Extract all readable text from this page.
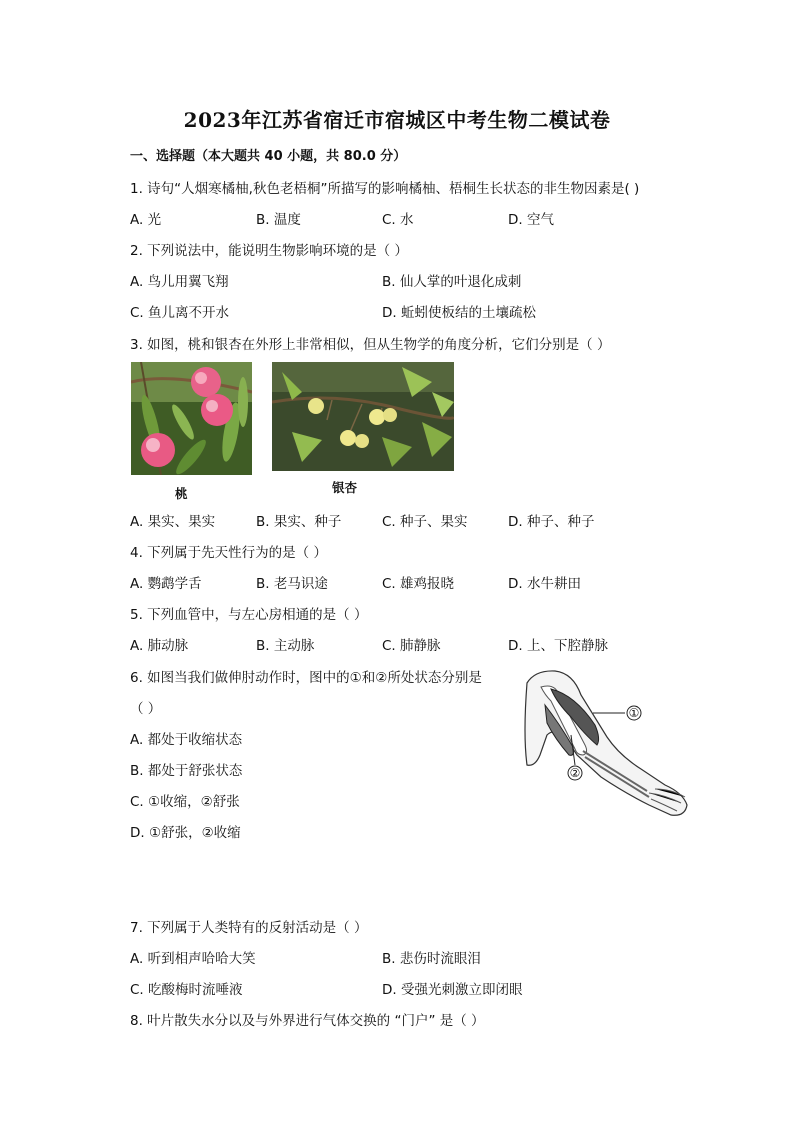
2023年江苏省宿迁市宿城区中考生物二模试卷
一、选择题（本大题共 40 小题，共 80.0 分）
1. 诗句“人烟寒橘柚,秋色老梧桐”所描写的影响橘柚、梧桐生长状态的非生物因素是( )
A. 光	B. 温度	C. 水	D. 空气
2. 下列说法中，能说明生物影响环境的是（ ）
A. 鸟儿用翼飞翔	B. 仙人掌的叶退化成刺
C. 鱼儿离不开水	D. 蚯蚓使板结的土壤疏松
3. 如图，桃和银杏在外形上非常相似，但从生物学的角度分析，它们分别是（ ）
桃	银杏
A. 果实、果实	B. 果实、种子	C. 种子、果实	D. 种子、种子
4. 下列属于先天性行为的是（ ）
A. 鹦鹉学舌	B. 老马识途	C. 雄鸡报晓	D. 水牛耕田
5. 下列血管中，与左心房相通的是（ ）
A. 肺动脉	B. 主动脉	C. 肺静脉	D. 上、下腔静脉
6. 如图当我们做伸肘动作时，图中的①和②所处状态分别是
（ ）
A. 都处于收缩状态
B. 都处于舒张状态
C. ①收缩，②舒张
D. ①舒张，②收缩
①
②
7. 下列属于人类特有的反射活动是（ ）
A. 听到相声哈哈大笑	B. 悲伤时流眼泪
C. 吃酸梅时流唾液	D. 受强光刺激立即闭眼
8. 叶片散失水分以及与外界进行气体交换的 “门户” 是（ ）
